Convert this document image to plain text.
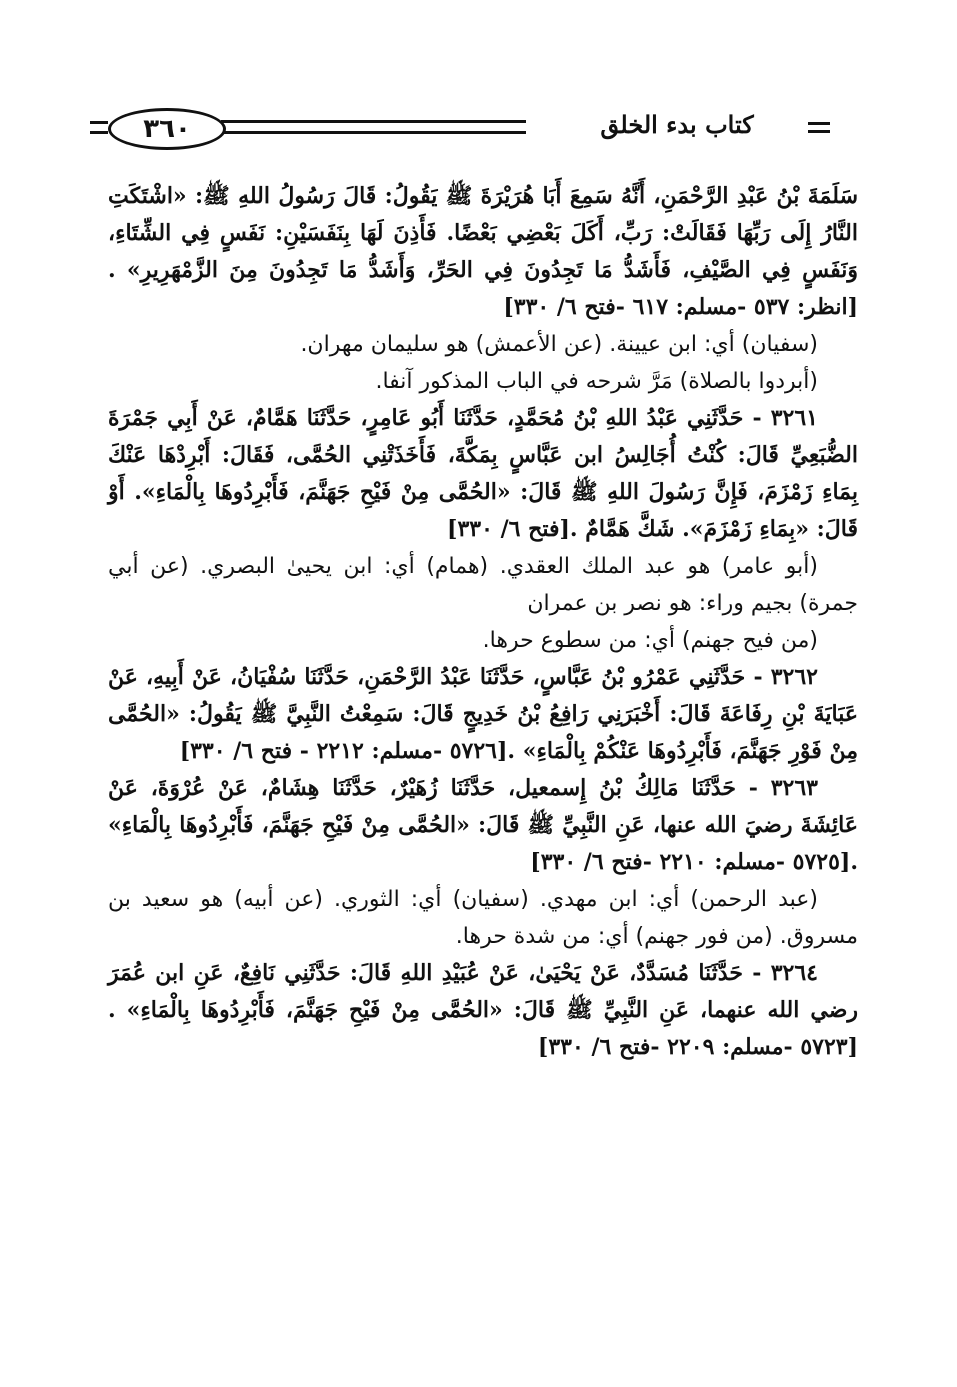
٣٦٠	كتاب بدء الخلق

سَلَمَةَ بْنُ عَبْدِ الرَّحْمَنِ، أَنَّهُ سَمِعَ أَبَا هُرَيْرَةَ ﷺ يَقُولُ: قَالَ رَسُولُ اللهِ ﷺ: «اشْتَكَتِ النَّارُ إِلَى رَبِّهَا فَقَالَتْ: رَبِّ، أَكَلَ بَعْضِي بَعْضًا. فَأَذِنَ لَهَا بِنَفَسَيْنِ: نَفَسٍ فِي الشِّتَاءِ، وَنَفَسٍ فِي الصَّيْفِ، فَأَشَدُّ مَا تَجِدُونَ فِي الحَرِّ، وَأَشَدُّ مَا تَجِدُونَ مِنَ الزَّمْهَرِيرِ» .[انظر: ٥٣٧ -مسلم: ٦١٧ -فتح ٦/ ٣٣٠]

(سفيان) أي: ابن عيينة. (عن الأعمش) هو سليمان مهران.

(أبردوا بالصلاة) مَرَّ شرحه في الباب المذكور آنفا.

٣٢٦١ - حَدَّثَنِي عَبْدُ اللهِ بْنُ مُحَمَّدٍ، حَدَّثَنَا أَبُو عَامِرٍ، حَدَّثَنَا هَمَّامٌ، عَنْ أَبِي جَمْرَةَ الضُّبَعِيِّ قَالَ: كُنْتُ أُجَالِسُ ابن عَبَّاسٍ بِمَكَّةَ، فَأَخَذَتْنِي الحُمَّى، فَقَالَ: أَبْرِدْهَا عَنْكَ بِمَاءِ زَمْزَمَ، فَإِنَّ رَسُولَ اللهِ ﷺ قَالَ: «الحُمَّى مِنْ فَيْحِ جَهَنَّمَ، فَأَبْرِدُوهَا بِالْمَاءِ». أَوْ قَالَ: «بِمَاءِ زَمْزَمَ». شَكَّ هَمَّامٌ .[فتح ٦/ ٣٣٠]

(أبو عامر) هو عبد الملك العقدي. (همام) أي: ابن يحيىٰ البصري. (عن أبي جمرة) بجيم وراء: هو نصر بن عمران

(من فيح جهنم) أي: من سطوع حرها.

٣٢٦٢ - حَدَّثَنِي عَمْرُو بْنُ عَبَّاسٍ، حَدَّثَنَا عَبْدُ الرَّحْمَنِ، حَدَّثَنَا سُفْيَانُ، عَنْ أَبِيهِ، عَنْ عَبَايَةَ بْنِ رِفَاعَةَ قَالَ: أَخْبَرَنِي رَافِعُ بْنُ خَدِيجٍ قَالَ: سَمِعْتُ النَّبِيَّ ﷺ يَقُولُ: «الحُمَّى مِنْ فَوْرِ جَهَنَّمَ، فَأَبْرِدُوهَا عَنْكُمْ بِالْمَاءِ» .[٥٧٢٦ -مسلم: ٢٢١٢ - فتح ٦/ ٣٣٠]

٣٢٦٣ - حَدَّثَنَا مَالِكُ بْنُ إِسمعيل، حَدَّثَنَا زُهَيْرٌ، حَدَّثَنَا هِشَامٌ، عَنْ عُرْوَةَ، عَنْ عَائِشَةَ رضيَ الله عنها، عَنِ النَّبِيِّ ﷺ قَالَ: «الحُمَّى مِنْ فَيْحِ جَهَنَّمَ، فَأَبْرِدُوهَا بِالْمَاءِ» .[٥٧٢٥ -مسلم: ٢٢١٠ -فتح ٦/ ٣٣٠]

(عبد الرحمن) أي: ابن مهدي. (سفيان) أي: الثوري. (عن أبيه) هو سعيد بن مسروق. (من فور جهنم) أي: من شدة حرها.

٣٢٦٤ - حَدَّثَنَا مُسَدَّدٌ، عَنْ يَحْيَىٰ، عَنْ عُبَيْدِ اللهِ قَالَ: حَدَّثَنِي نَافِعٌ، عَنِ ابن عُمَرَ رضي الله عنهما، عَنِ النَّبِيِّ ﷺ قَالَ: «الحُمَّى مِنْ فَيْحِ جَهَنَّمَ، فَأَبْرِدُوهَا بِالْمَاءِ» .[٥٧٢٣ -مسلم: ٢٢٠٩ -فتح ٦/ ٣٣٠]
